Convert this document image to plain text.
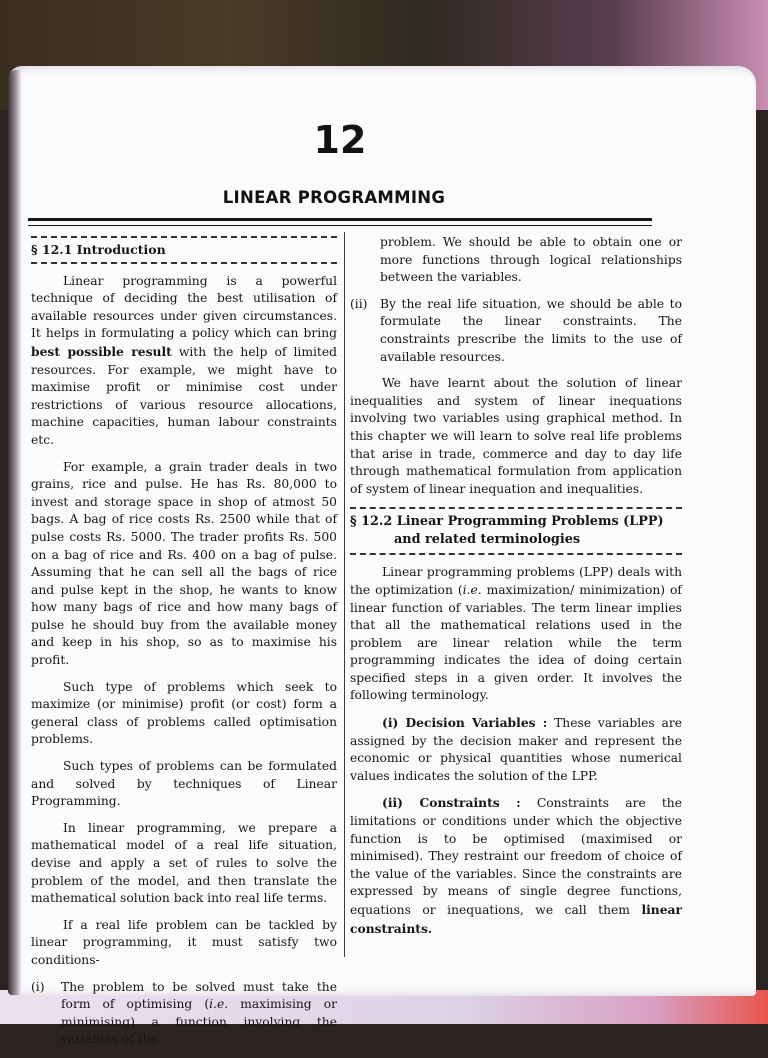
12
LINEAR PROGRAMMING
§ 12.1 Introduction

Linear programming is a powerful technique of deciding the best utilisation of available resources under given circumstances. It helps in formulating a policy which can bring best possible result with the help of limited resources. For example, we might have to maximise profit or minimise cost under restrictions of various resource allocations, machine capacities, human labour constraints etc.

For example, a grain trader deals in two grains, rice and pulse. He has Rs. 80,000 to invest and storage space in shop of atmost 50 bags. A bag of rice costs Rs. 2500 while that of pulse costs Rs. 5000. The trader profits Rs. 500 on a bag of rice and Rs. 400 on a bag of pulse. Assuming that he can sell all the bags of rice and pulse kept in the shop, he wants to know how many bags of rice and how many bags of pulse he should buy from the available money and keep in his shop, so as to maximise his profit.

Such type of problems which seek to maximize (or minimise) profit (or cost) form a general class of problems called optimisation problems.

Such types of problems can be formulated and solved by techniques of Linear Programming.

In linear programming, we prepare a mathematical model of a real life situation, devise and apply a set of rules to solve the problem of the model, and then translate the mathematical solution back into real life terms.

If a real life problem can be tackled by linear programming, it must satisfy two conditions-

(i)	The problem to be solved must take the form of optimising (i.e. maximising or minimising) a function involving the variables of the
problem. We should be able to obtain one or more functions through logical relationships between the variables.
(ii)	By the real life situation, we should be able to formulate the linear constraints. The constraints prescribe the limits to the use of available resources.

We have learnt about the solution of linear inequalities and system of linear inequations involving two variables using graphical method. In this chapter we will learn to solve real life problems that arise in trade, commerce and day to day life through mathematical formulation from application of system of linear inequation and inequalities.

§ 12.2 Linear Programming Problems (LPP)
and related terminologies

Linear programming problems (LPP) deals with the optimization (i.e. maximization/ minimization) of linear function of variables. The term linear implies that all the mathematical relations used in the problem are linear relation while the term programming indicates the idea of doing certain specified steps in a given order. It involves the following terminology.

(i) Decision Variables : These variables are assigned by the decision maker and represent the economic or physical quantities whose numerical values indicates the solution of the LPP.

(ii) Constraints : Constraints are the limitations or conditions under which the objective function is to be optimised (maximised or minimised). They restraint our freedom of choice of the value of the variables. Since the constraints are expressed by means of single degree functions, equations or inequations, we call them linear constraints.
